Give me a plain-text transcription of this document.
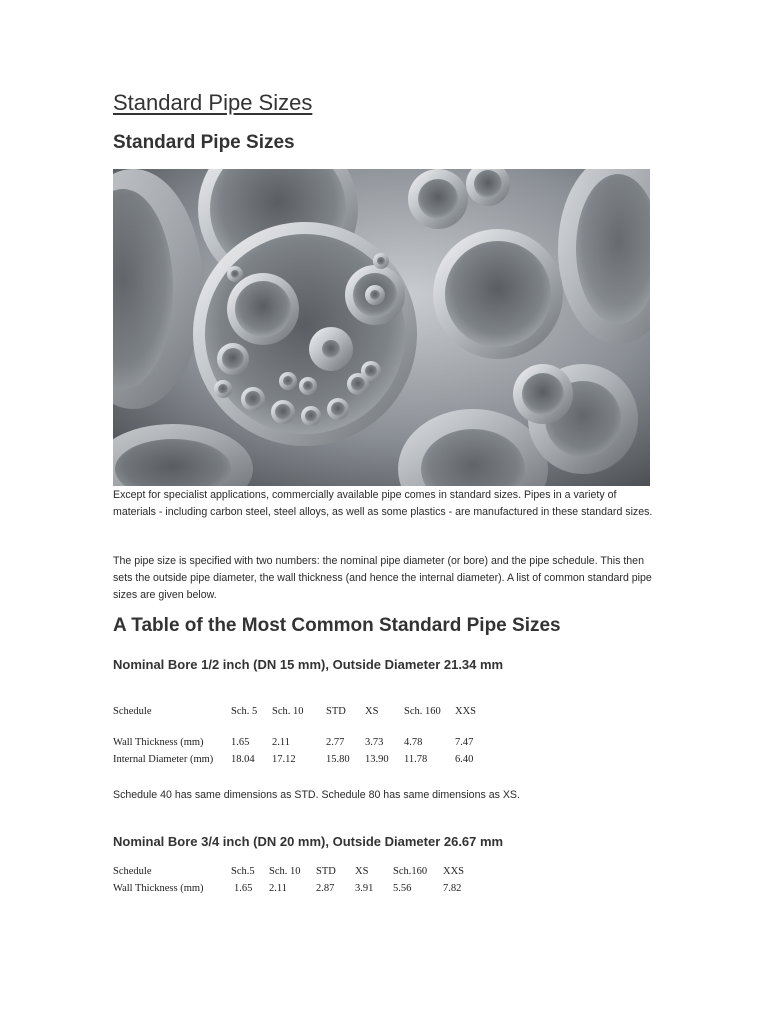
Standard Pipe Sizes
Standard Pipe Sizes

Except for specialist applications, commercially available pipe comes in standard sizes. Pipes in a variety of materials - including carbon steel, steel alloys, as well as some plastics - are manufactured in these standard sizes.

The pipe size is specified with two numbers: the nominal pipe diameter (or bore) and the pipe schedule. This then sets the outside pipe diameter, the wall thickness (and hence the internal diameter). A list of common standard pipe sizes are given below.

A Table of the Most Common Standard Pipe Sizes
Nominal Bore 1/2 inch (DN 15 mm), Outside Diameter 21.34 mm
Schedule	Sch. 5 Sch. 10 STD XS Sch. 160 XXS
Wall Thickness (mm)	1.65 2.11	2.77 3.73 4.78	7.47
Internal Diameter (mm) 18.04 17.12	15.80 13.90 11.78	6.40

Schedule 40 has same dimensions as STD. Schedule 80 has same dimensions as XS.

Nominal Bore 3/4 inch (DN 20 mm), Outside Diameter 26.67 mm
Schedule	Sch.5 Sch. 10 STD XS Sch.160 XXS
Wall Thickness (mm)	1.65 2.11	2.87 3.91 5.56	7.82
